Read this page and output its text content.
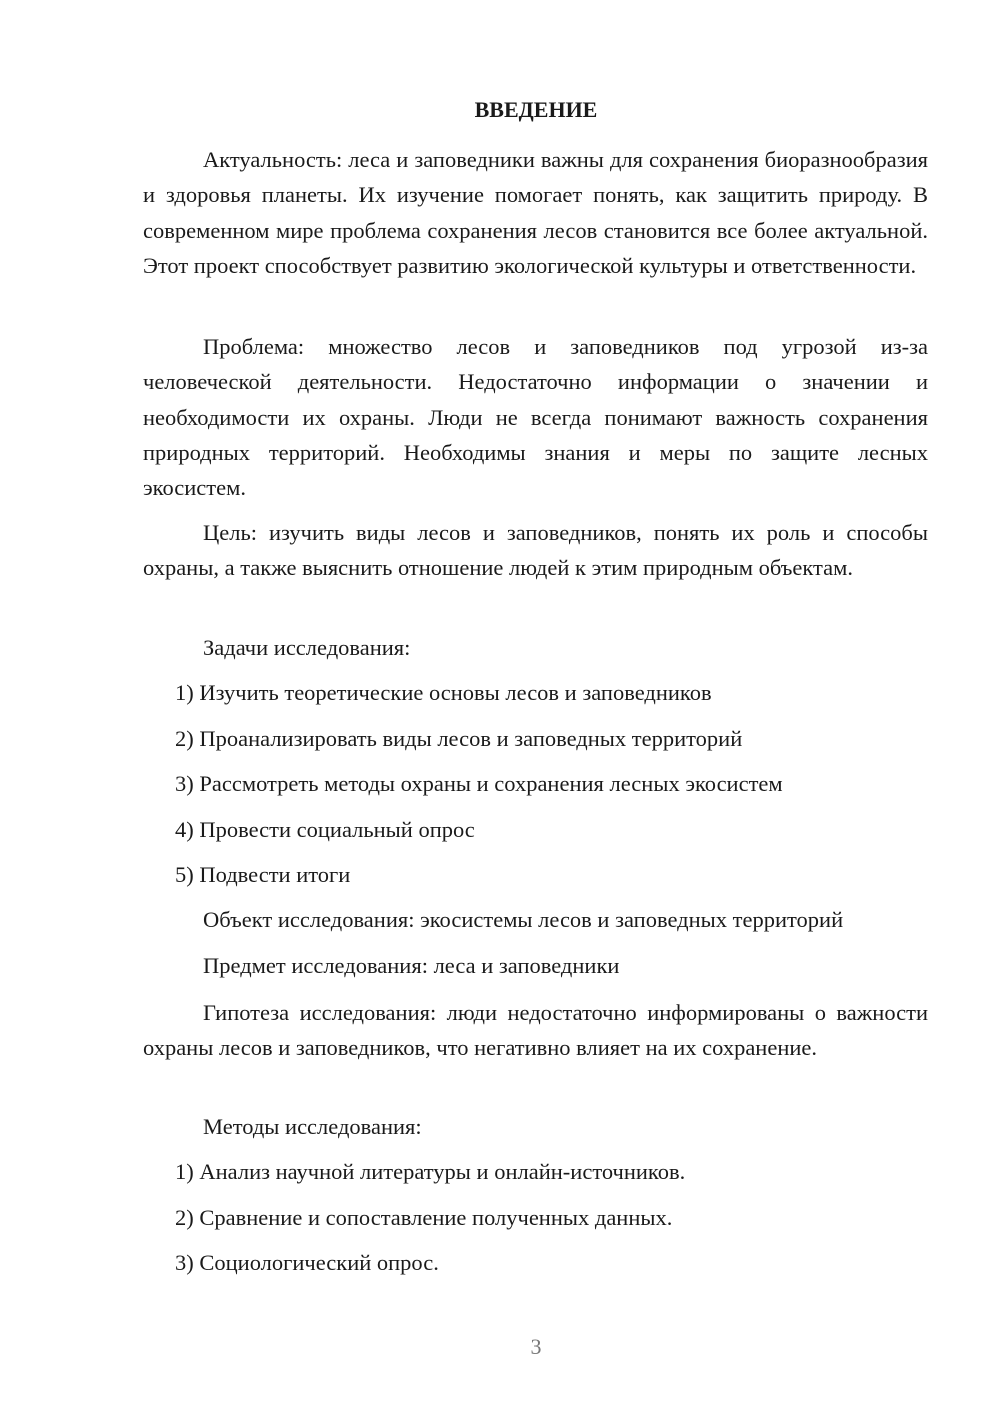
ВВЕДЕНИЕ

Актуальность: леса и заповедники важны для сохранения биоразнообразия и здоровья планеты. Их изучение помогает понять, как защитить природу. В современном мире проблема сохранения лесов становится все более актуальной. Этот проект способствует развитию экологической культуры и ответственности.

Проблема: множество лесов и заповедников под угрозой из-за человеческой деятельности. Недостаточно информации о значении и необходимости их охраны. Люди не всегда понимают важность сохранения природных территорий. Необходимы знания и меры по защите лесных экосистем.

Цель: изучить виды лесов и заповедников, понять их роль и способы охраны, а также выяснить отношение людей к этим природным объектам.

Задачи исследования:

1) Изучить теоретические основы лесов и заповедников

2) Проанализировать виды лесов и заповедных территорий

3) Рассмотреть методы охраны и сохранения лесных экосистем

4) Провести социальный опрос

5) Подвести итоги

Объект исследования: экосистемы лесов и заповедных территорий

Предмет исследования: леса и заповедники

Гипотеза исследования: люди недостаточно информированы о важности охраны лесов и заповедников, что негативно влияет на их сохранение.

Методы исследования:

1) Анализ научной литературы и онлайн-источников.

2) Сравнение и сопоставление полученных данных.

3) Социологический опрос.

3
